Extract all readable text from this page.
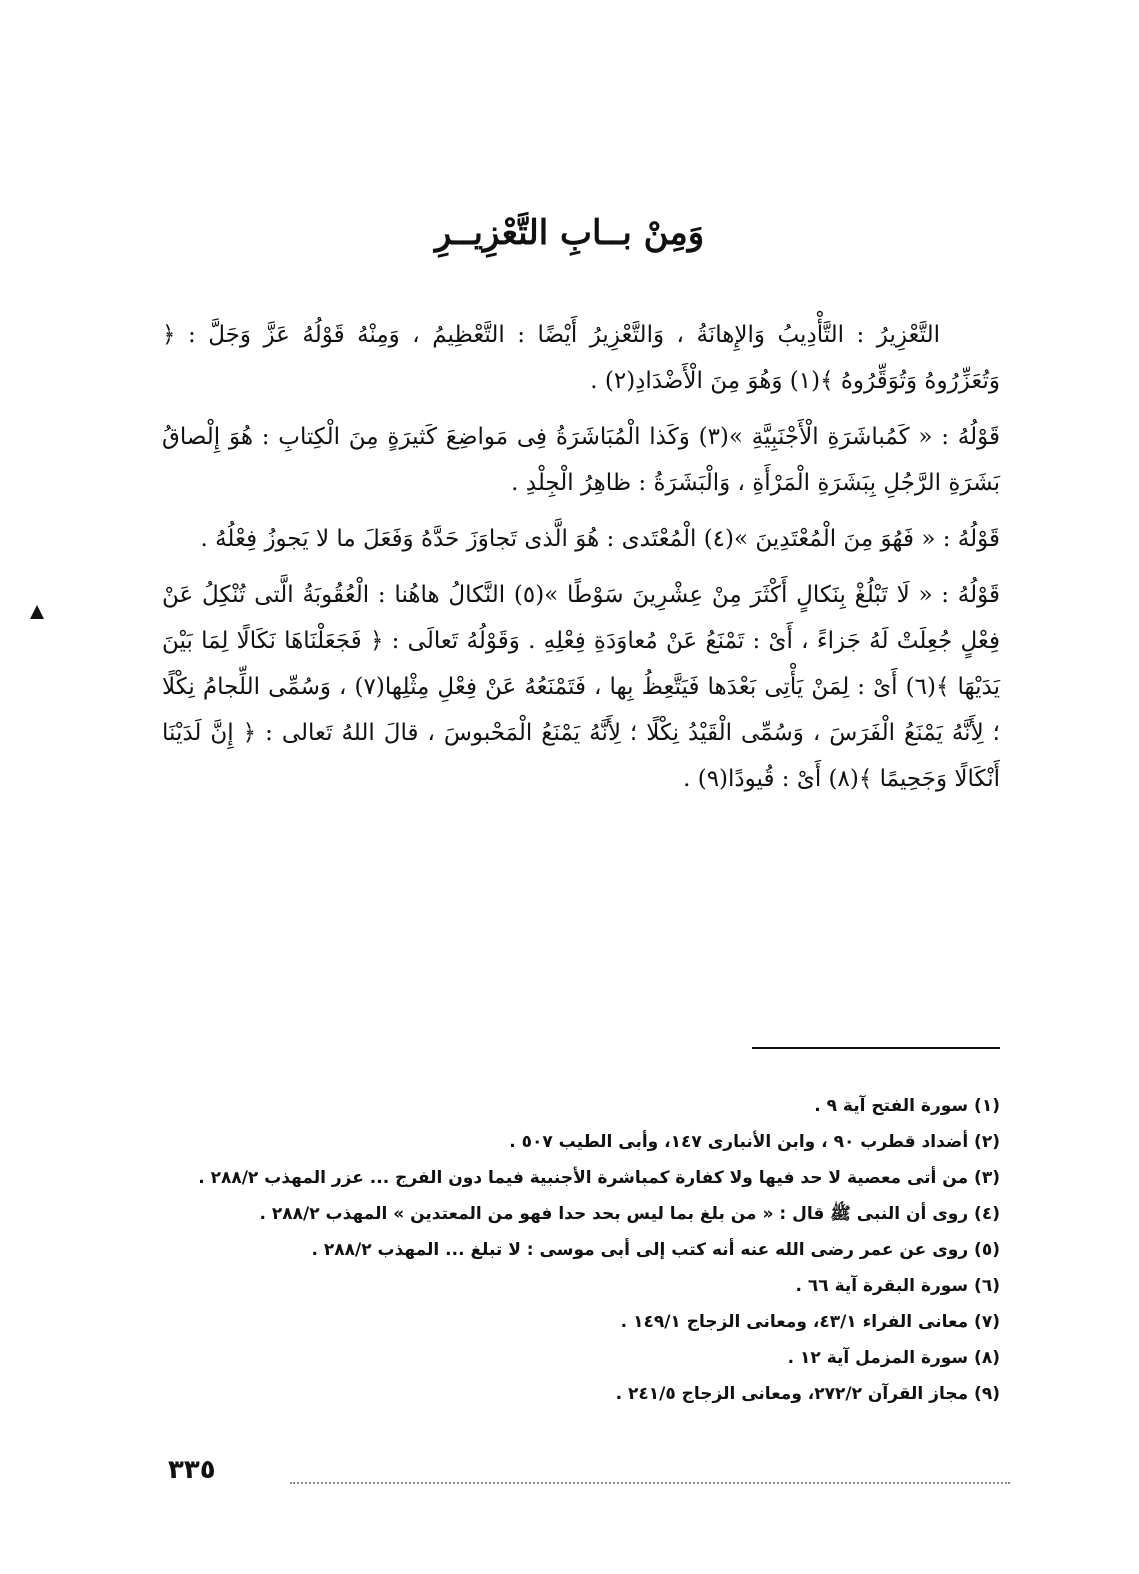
وَمِنْ بــابِ التَّعْزِيــرِ

التَّعْزِيرُ : التَّأْدِيبُ وَالإِهانَةُ ، وَالتَّعْزِيرُ أَيْضًا : التَّعْظِيمُ ، وَمِنْهُ قَوْلُهُ عَزَّ وَجَلَّ : ﴿ وَتُعَزِّرُوهُ وَتُوَقِّرُوهُ ﴾(١) وَهُوَ مِنَ الْأَضْدَادِ(٢) .

قَوْلُهُ : « كَمُباشَرَةِ الْأَجْنَبِيَّةِ »(٣) وَكَذا الْمُبَاشَرَةُ فِى مَواضِعَ كَثيرَةٍ مِنَ الْكِتابِ : هُوَ إِلْصاقُ بَشَرَةِ الرَّجُلِ بِبَشَرَةِ الْمَرْأَةِ ، وَالْبَشَرَةُ : ظاهِرُ الْجِلْدِ .

قَوْلُهُ : « فَهُوَ مِنَ الْمُعْتَدِينَ »(٤) الْمُعْتَدى : هُوَ الَّذى تَجاوَزَ حَدَّهُ وَفَعَلَ ما لا يَجوزُ فِعْلُهُ .

قَوْلُهُ : « لَا تَبْلُغْ بِنَكالٍ أَكْثَرَ مِنْ عِشْرِينَ سَوْطًا »(٥) النَّكالُ هاهُنا : الْعُقُوبَةُ الَّتى تُنْكِلُ عَنْ فِعْلٍ جُعِلَتْ لَهُ جَزاءً ، أَىْ : تَمْنَعُ عَنْ مُعاوَدَةِ فِعْلِهِ . وَقَوْلُهُ تَعالَى : ﴿ فَجَعَلْنَاهَا نَكَالًا لِمَا بَيْنَ يَدَيْهَا ﴾(٦) أَىْ : لِمَنْ يَأْتِى بَعْدَها فَيَتَّعِظُ بِها ، فَتَمْنَعُهُ عَنْ فِعْلِ مِثْلِها(٧) ، وَسُمِّى اللِّجامُ نِكْلًا ؛ لِأَنَّهُ يَمْنَعُ الْفَرَسَ ، وَسُمِّى الْقَيْدُ نِكْلًا ؛ لِأَنَّهُ يَمْنَعُ الْمَحْبوسَ ، قالَ اللهُ تَعالى : ﴿ إِنَّ لَدَيْنَا أَنْكَالًا وَجَحِيمًا ﴾(٨) أَىْ : قُيودًا(٩) .

(١) سورة الفتح آية ٩ .
(٢) أضداد قطرب ٩٠ ، وابن الأنبارى ١٤٧، وأبى الطيب ٥٠٧ .
(٣) من أتى معصية لا حد فيها ولا كفارة كمباشرة الأجنبية فيما دون الفرج ... عزر المهذب ٢٨٨/٢ .
(٤) روى أن النبى ﷺ قال : « من بلغ بما ليس بحد حدا فهو من المعتدين » المهذب ٢٨٨/٢ .
(٥) روى عن عمر رضى الله عنه أنه كتب إلى أبى موسى : لا تبلغ ... المهذب ٢٨٨/٢ .
(٦) سورة البقرة آية ٦٦ .
(٧) معانى الفراء ٤٣/١، ومعانى الزجاج ١٤٩/١ .
(٨) سورة المزمل آية ١٢ .
(٩) مجاز القرآن ٢٧٢/٢، ومعانى الزجاج ٢٤١/٥ .
٣٣٥
